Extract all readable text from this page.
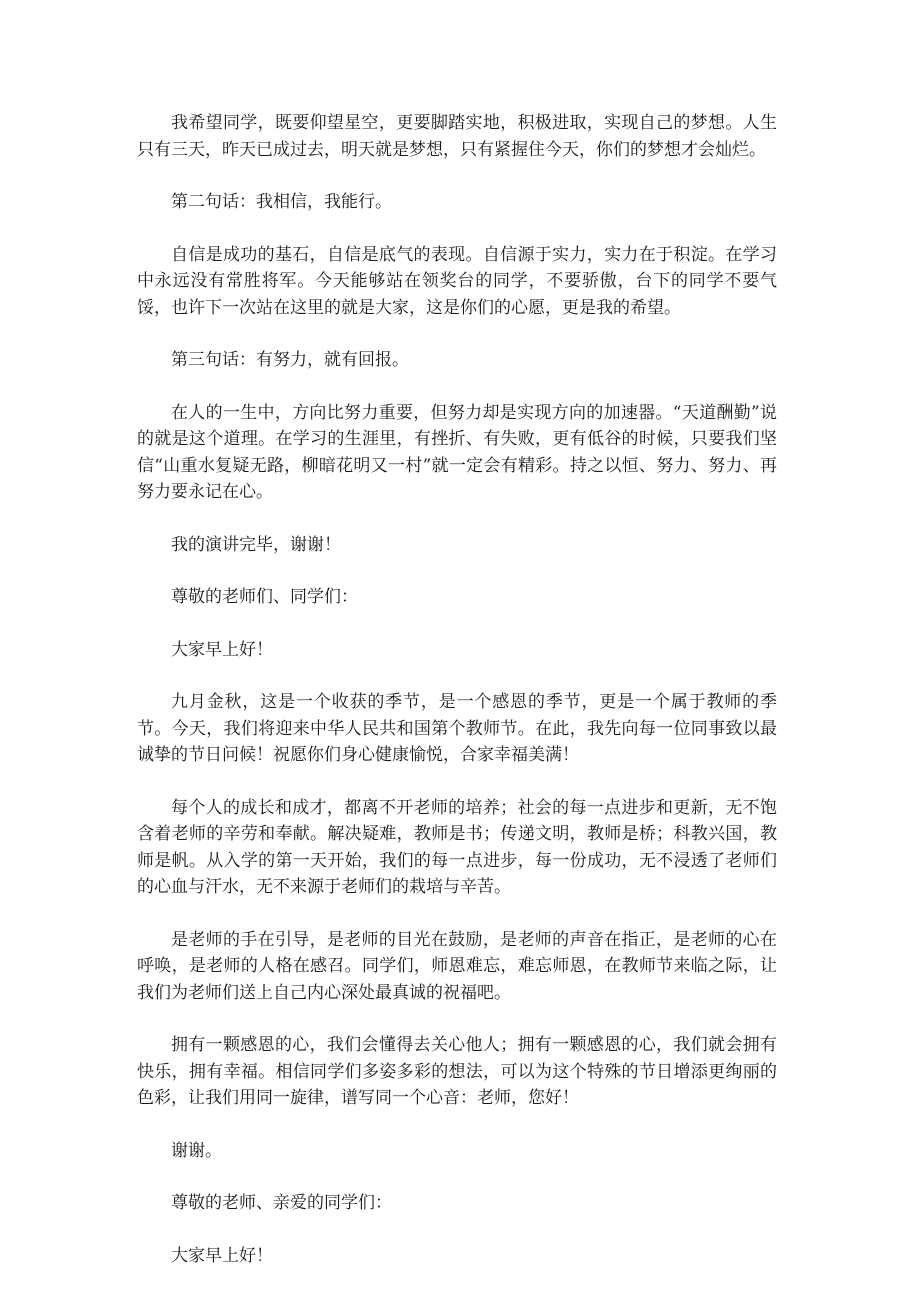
我希望同学，既要仰望星空，更要脚踏实地，积极进取，实现自己的梦想。人生只有三天，昨天已成过去，明天就是梦想，只有紧握住今天，你们的梦想才会灿烂。

第二句话：我相信，我能行。

自信是成功的基石，自信是底气的表现。自信源于实力，实力在于积淀。在学习中永远没有常胜将军。今天能够站在领奖台的同学，不要骄傲，台下的同学不要气馁，也许下一次站在这里的就是大家，这是你们的心愿，更是我的希望。

第三句话：有努力，就有回报。

在人的一生中，方向比努力重要，但努力却是实现方向的加速器。“天道酬勤”说的就是这个道理。在学习的生涯里，有挫折、有失败，更有低谷的时候，只要我们坚信“山重水复疑无路，柳暗花明又一村”就一定会有精彩。持之以恒、努力、努力、再努力要永记在心。

我的演讲完毕，谢谢！

尊敬的老师们、同学们：

大家早上好！

九月金秋，这是一个收获的季节，是一个感恩的季节，更是一个属于教师的季节。今天，我们将迎来中华人民共和国第个教师节。在此，我先向每一位同事致以最诚挚的节日问候！祝愿你们身心健康愉悦，合家幸福美满！

每个人的成长和成才，都离不开老师的培养；社会的每一点进步和更新，无不饱含着老师的辛劳和奉献。解决疑难，教师是书；传递文明，教师是桥；科教兴国，教师是帆。从入学的第一天开始，我们的每一点进步，每一份成功，无不浸透了老师们的心血与汗水，无不来源于老师们的栽培与辛苦。

是老师的手在引导，是老师的目光在鼓励，是老师的声音在指正，是老师的心在呼唤，是老师的人格在感召。同学们，师恩难忘，难忘师恩，在教师节来临之际，让我们为老师们送上自己内心深处最真诚的祝福吧。

拥有一颗感恩的心，我们会懂得去关心他人；拥有一颗感恩的心，我们就会拥有快乐，拥有幸福。相信同学们多姿多彩的想法，可以为这个特殊的节日增添更绚丽的色彩，让我们用同一旋律，谱写同一个心音：老师，您好！

谢谢。

尊敬的老师、亲爱的同学们：

大家早上好！
